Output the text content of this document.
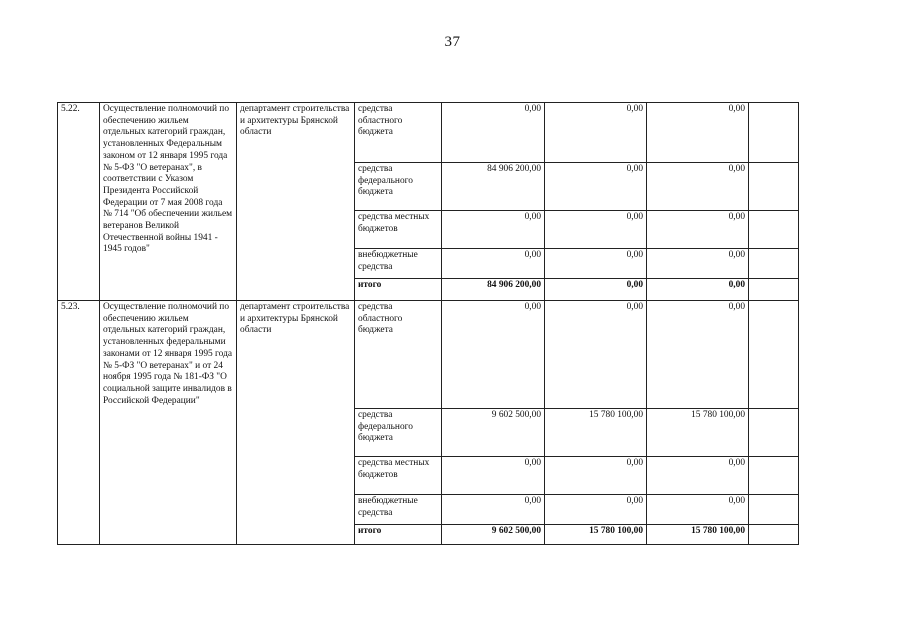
37
5.22.	Осуществление полномочий по обеспечению жильем отдельных категорий граждан, установленных Федеральным законом от 12 января 1995 года № 5-ФЗ "О ветеранах", в соответствии с Указом Президента Российской Федерации от 7 мая 2008 года № 714 "Об обеспечении жильем ветеранов Великой Отечественной войны 1941 - 1945 годов"	департамент строительства и архитектуры Брянской области	средства областного бюджета	0,00	0,00	0,00	
			средства федерального бюджета	84 906 200,00	0,00	0,00	
			средства местных бюджетов	0,00	0,00	0,00	
			внебюджетные средства	0,00	0,00	0,00	
			итого	84 906 200,00	0,00	0,00	
5.23.	Осуществление полномочий по обеспечению жильем отдельных категорий граждан, установленных федеральными законами от 12 января 1995 года № 5-ФЗ "О ветеранах" и от 24 ноября 1995 года № 181-ФЗ "О социальной защите инвалидов в Российской Федерации"	департамент строительства и архитектуры Брянской области	средства областного бюджета	0,00	0,00	0,00	
			средства федерального бюджета	9 602 500,00	15 780 100,00	15 780 100,00	
			средства местных бюджетов	0,00	0,00	0,00	
			внебюджетные средства	0,00	0,00	0,00	
			итого	9 602 500,00	15 780 100,00	15 780 100,00	
